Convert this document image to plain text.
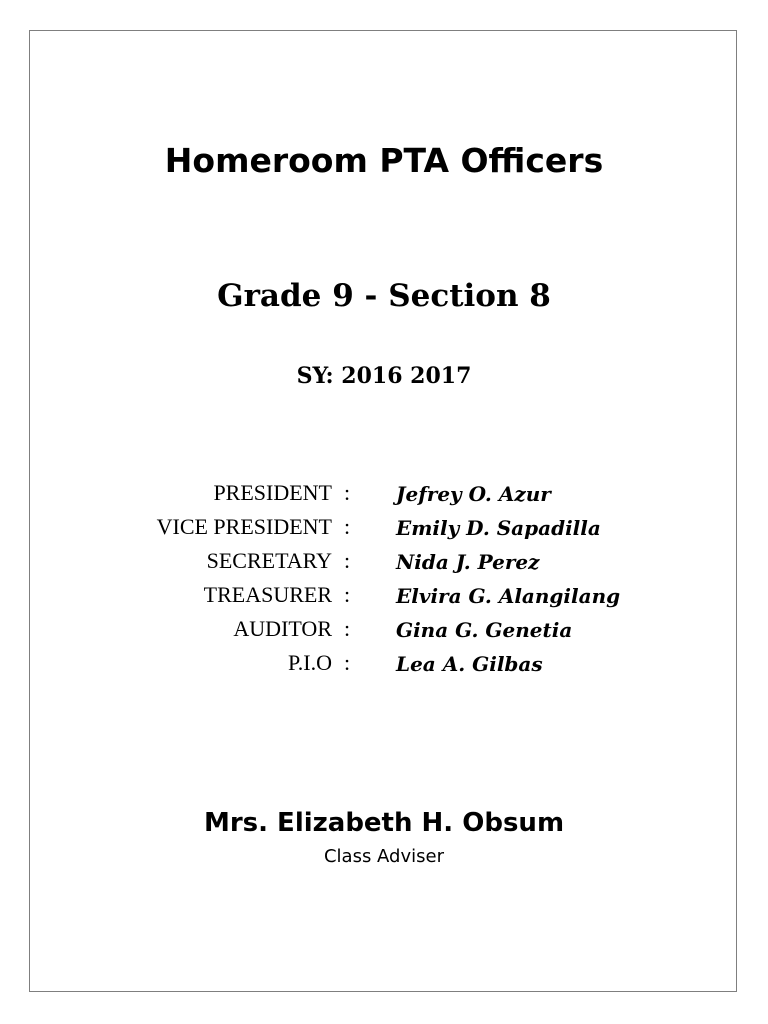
Homeroom PTA Officers
Grade 9 - Section 8
SY: 2016 2017
PRESIDENT : Jefrey O. Azur
VICE PRESIDENT : Emily D. Sapadilla
SECRETARY : Nida J. Perez
TREASURER : Elvira G. Alangilang
AUDITOR : Gina G. Genetia
P.I.O : Lea A. Gilbas
Mrs. Elizabeth H. Obsum
Class Adviser
